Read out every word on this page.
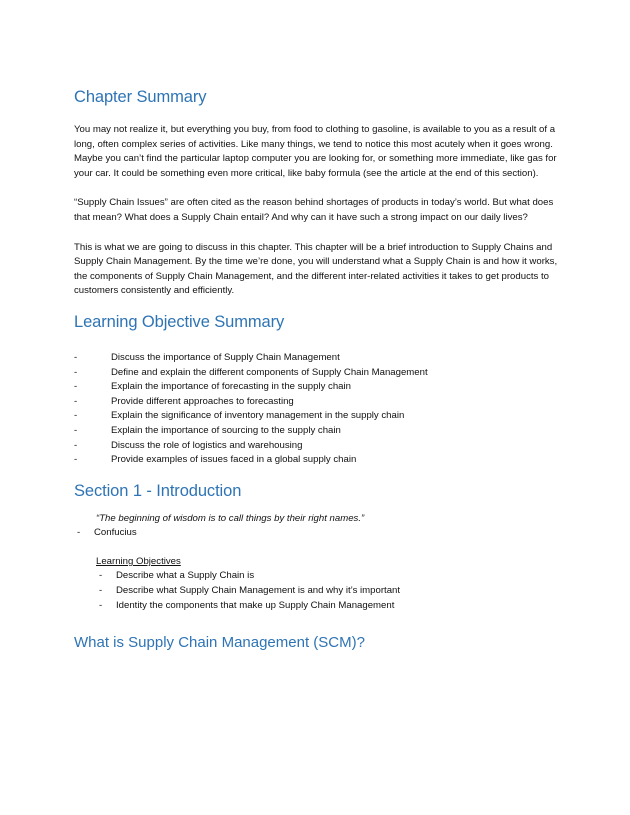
Chapter Summary

You may not realize it, but everything you buy, from food to clothing to gasoline, is available to you as a result of a long, often complex series of activities. Like many things, we tend to notice this most acutely when it goes wrong. Maybe you can’t find the particular laptop computer you are looking for, or something more immediate, like gas for your car. It could be something even more critical, like baby formula (see the article at the end of this section).

“Supply Chain Issues” are often cited as the reason behind shortages of products in today’s world. But what does that mean? What does a Supply Chain entail? And why can it have such a strong impact on our daily lives?

This is what we are going to discuss in this chapter. This chapter will be a brief introduction to Supply Chains and Supply Chain Management. By the time we’re done, you will understand what a Supply Chain is and how it works, the components of Supply Chain Management, and the different inter-related activities it takes to get products to customers consistently and efficiently.

Learning Objective Summary
-	Discuss the importance of Supply Chain Management
-	Define and explain the different components of Supply Chain Management
-	Explain the importance of forecasting in the supply chain
-	Provide different approaches to forecasting
-	Explain the significance of inventory management in the supply chain
-	Explain the importance of sourcing to the supply chain
-	Discuss the role of logistics and warehousing
-	Provide examples of issues faced in a global supply chain
Section 1 - Introduction

“The beginning of wisdom is to call things by their right names.”

- Confucius

Learning Objectives

- Describe what a Supply Chain is
- Describe what Supply Chain Management is and why it’s important
- Identity the components that make up Supply Chain Management
What is Supply Chain Management (SCM)?
